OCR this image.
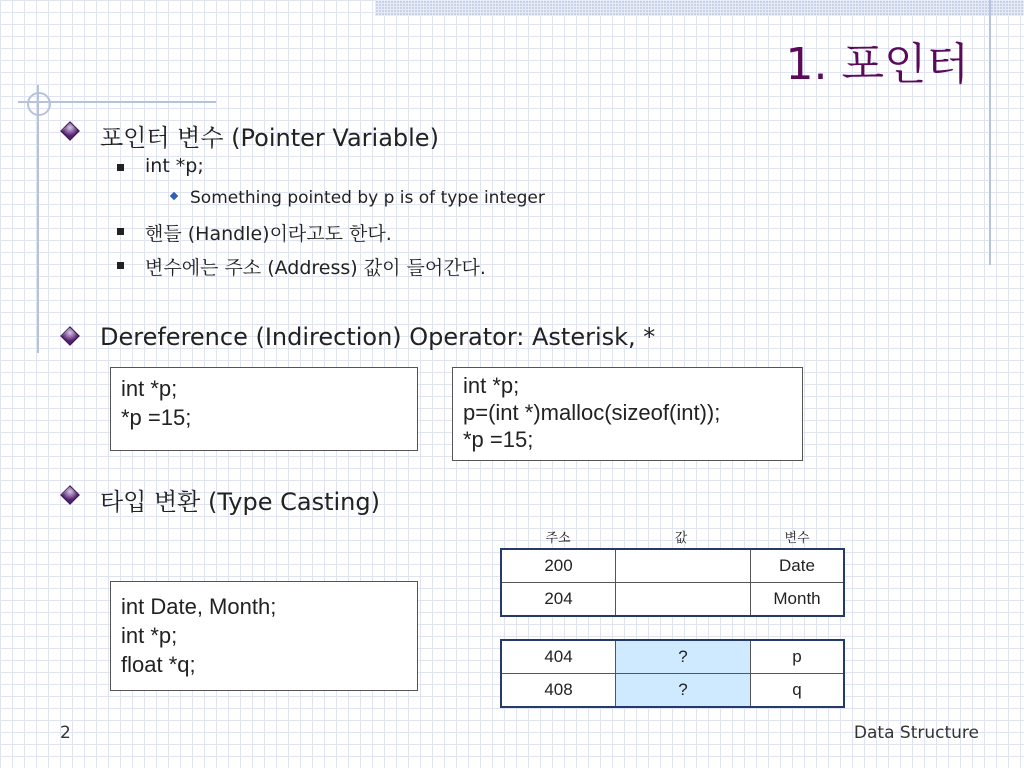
1. 포인터
포인터 변수 (Pointer Variable)
int *p;
Something pointed by p is of type integer
핸들 (Handle)이라고도 한다.
변수에는 주소 (Address) 값이 들어간다.
Dereference (Indirection) Operator: Asterisk, *
int *p;
*p =15;
int *p;
p=(int *)malloc(sizeof(int));
*p =15;
타입 변환 (Type Casting)
int Date, Month;
int *p;
float *q;
주소	값	변수
200		Date
204		Month
404	?	p
408	?	q
2	Data Structure
